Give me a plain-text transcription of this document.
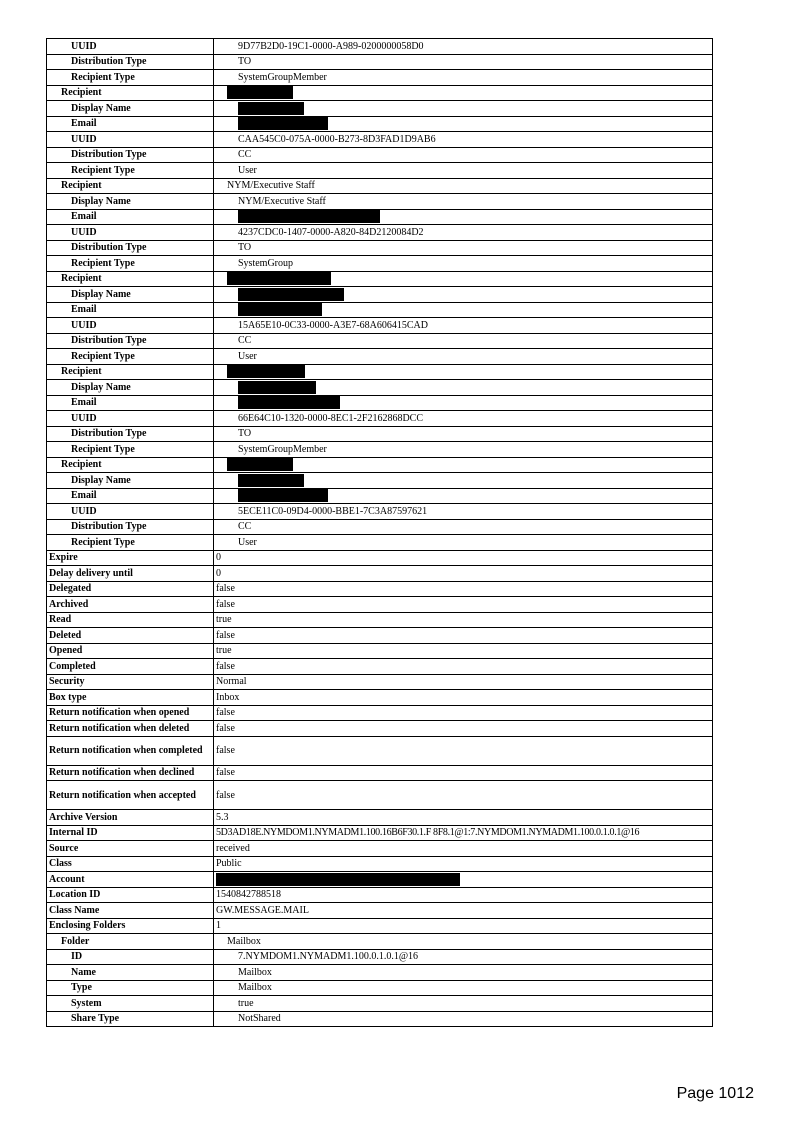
UUID	9D77B2D0-19C1-0000-A989-0200000058D0
Distribution Type	TO
Recipient Type	SystemGroupMember
Recipient	
Display Name	
Email	
UUID	CAA545C0-075A-0000-B273-8D3FAD1D9AB6
Distribution Type	CC
Recipient Type	User
Recipient	NYM/Executive Staff
Display Name	NYM/Executive Staff
Email	
UUID	4237CDC0-1407-0000-A820-84D2120084D2
Distribution Type	TO
Recipient Type	SystemGroup
Recipient	
Display Name	
Email	
UUID	15A65E10-0C33-0000-A3E7-68A606415CAD
Distribution Type	CC
Recipient Type	User
Recipient	
Display Name	
Email	
UUID	66E64C10-1320-0000-8EC1-2F2162868DCC
Distribution Type	TO
Recipient Type	SystemGroupMember
Recipient	
Display Name	
Email	
UUID	5ECE11C0-09D4-0000-BBE1-7C3A87597621
Distribution Type	CC
Recipient Type	User
Expire	0
Delay delivery until	0
Delegated	false
Archived	false
Read	true
Deleted	false
Opened	true
Completed	false
Security	Normal
Box type	Inbox
Return notification when opened	false
Return notification when deleted	false
Return notification when completed	false
Return notification when declined	false
Return notification when accepted	false
Archive Version	5.3
Internal ID	5D3AD18E.NYMDOM1.NYMADM1.100.16B6F30.1.F 8F8.1@1:7.NYMDOM1.NYMADM1.100.0.1.0.1@16
Source	received
Class	Public
Account	
Location ID	1540842788518
Class Name	GW.MESSAGE.MAIL
Enclosing Folders	1
Folder	Mailbox
ID	7.NYMDOM1.NYMADM1.100.0.1.0.1@16
Name	Mailbox
Type	Mailbox
System	true
Share Type	NotShared
Page 1012
